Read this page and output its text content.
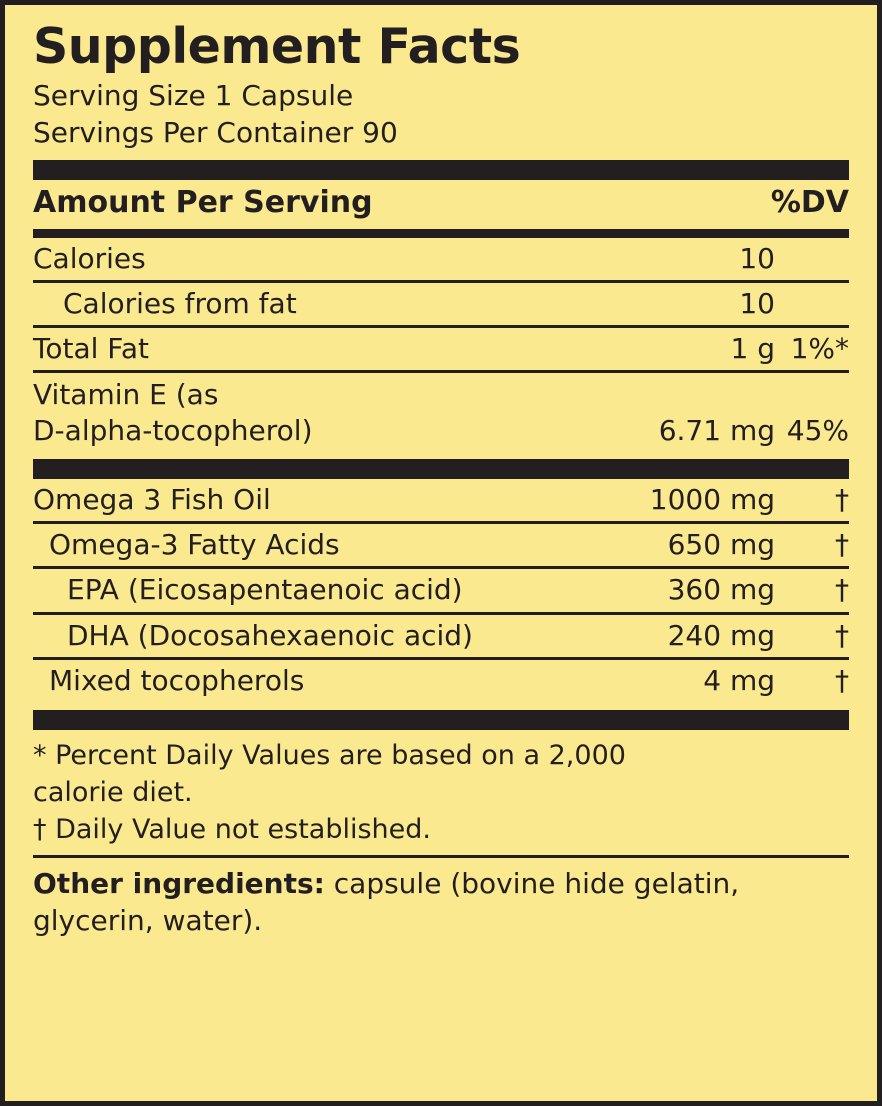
Supplement Facts
Serving Size 1 Capsule
Servings Per Container 90
Amount Per Serving	%DV
Calories	10
Calories from fat	10
Total Fat	1 g 1%*
Vitamin E (as
D-alpha-tocopherol)	6.71 mg 45%
Omega 3 Fish Oil	1000 mg	†
Omega-3 Fatty Acids	650 mg	†
EPA (Eicosapentaenoic acid)	360 mg	†
DHA (Docosahexaenoic acid)	240 mg	†
Mixed tocopherols	4 mg	†

* Percent Daily Values are based on a 2,000

calorie diet.

† Daily Value not established.

Other ingredients: capsule (bovine hide gelatin, glycerin, water).
